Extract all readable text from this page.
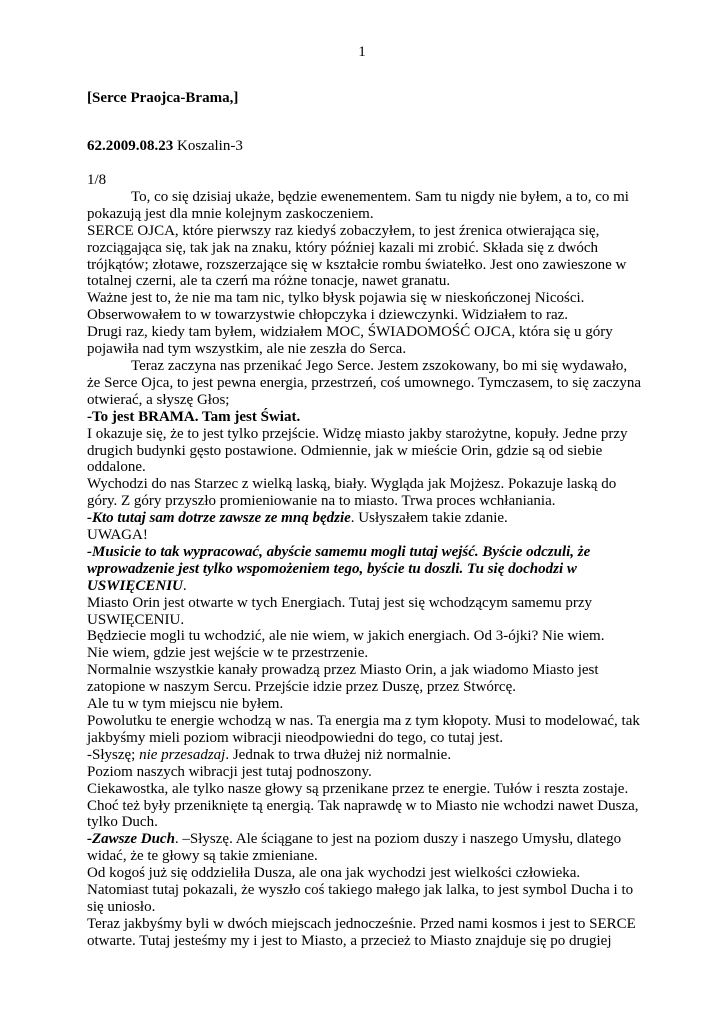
1
[Serce Praojca-Brama,]
62.2009.08.23 Koszalin-3

1/8

To, co się dzisiaj ukaże, będzie ewenementem. Sam tu nigdy nie byłem, a to, co mi pokazują jest dla mnie kolejnym zaskoczeniem.

SERCE OJCA, które pierwszy raz kiedyś zobaczyłem, to jest źrenica otwierająca się, rozciągająca się, tak jak na znaku, który później kazali mi zrobić. Składa się z dwóch trójkątów; złotawe, rozszerzające się w kształcie rombu światełko. Jest ono zawieszone w totalnej czerni, ale ta czerń ma różne tonacje, nawet granatu.

Ważne jest to, że nie ma tam nic, tylko błysk pojawia się w nieskończonej Nicości. Obserwowałem to w towarzystwie chłopczyka i dziewczynki. Widziałem to raz.

Drugi raz, kiedy tam byłem, widziałem MOC, ŚWIADOMOŚĆ OJCA, która się u góry pojawiła nad tym wszystkim, ale nie zeszła do Serca.

Teraz zaczyna nas przenikać Jego Serce. Jestem zszokowany, bo mi się wydawało, że Serce Ojca, to jest pewna energia, przestrzeń, coś umownego. Tymczasem, to się zaczyna otwierać, a słyszę Głos;

-To jest BRAMA. Tam jest Świat.

I okazuje się, że to jest tylko przejście. Widzę miasto jakby starożytne, kopuły. Jedne przy drugich budynki gęsto postawione. Odmiennie, jak w mieście Orin, gdzie są od siebie oddalone.

Wychodzi do nas Starzec z wielką laską, biały. Wygląda jak Mojżesz. Pokazuje laską do góry. Z góry przyszło promieniowanie na to miasto. Trwa proces wchłaniania.

-Kto tutaj sam dotrze zawsze ze mną będzie. Usłyszałem takie zdanie.

UWAGA!

-Musicie to tak wypracować, abyście samemu mogli tutaj wejść. Byście odczuli, że wprowadzenie jest tylko wspomożeniem tego, byście tu doszli. Tu się dochodzi w USWIĘCENIU.

Miasto Orin jest otwarte w tych Energiach. Tutaj jest się wchodzącym samemu przy USWIĘCENIU.

Będziecie mogli tu wchodzić, ale nie wiem, w jakich energiach. Od 3-ójki? Nie wiem.

Nie wiem, gdzie jest wejście w te przestrzenie.

Normalnie wszystkie kanały prowadzą przez Miasto Orin, a jak wiadomo Miasto jest zatopione w naszym Sercu. Przejście idzie przez Duszę, przez Stwórcę.

Ale tu w tym miejscu nie byłem.

Powolutku te energie wchodzą w nas. Ta energia ma z tym kłopoty. Musi to modelować, tak jakbyśmy mieli poziom wibracji nieodpowiedni do tego, co tutaj jest.

-Słyszę; nie przesadzaj. Jednak to trwa dłużej niż normalnie.

Poziom naszych wibracji jest tutaj podnoszony.

Ciekawostka, ale tylko nasze głowy są przenikane przez te energie. Tułów i reszta zostaje. Choć też były przeniknięte tą energią. Tak naprawdę w to Miasto nie wchodzi nawet Dusza, tylko Duch.

-Zawsze Duch. –Słyszę. Ale ściągane to jest na poziom duszy i naszego Umysłu, dlatego widać, że te głowy są takie zmieniane.

Od kogoś już się oddzieliła Dusza, ale ona jak wychodzi jest wielkości człowieka. Natomiast tutaj pokazali, że wyszło coś takiego małego jak lalka, to jest symbol Ducha i to się uniosło.

Teraz jakbyśmy byli w dwóch miejscach jednocześnie. Przed nami kosmos i jest to SERCE otwarte. Tutaj jesteśmy my i jest to Miasto, a przecież to Miasto znajduje się po drugiej
